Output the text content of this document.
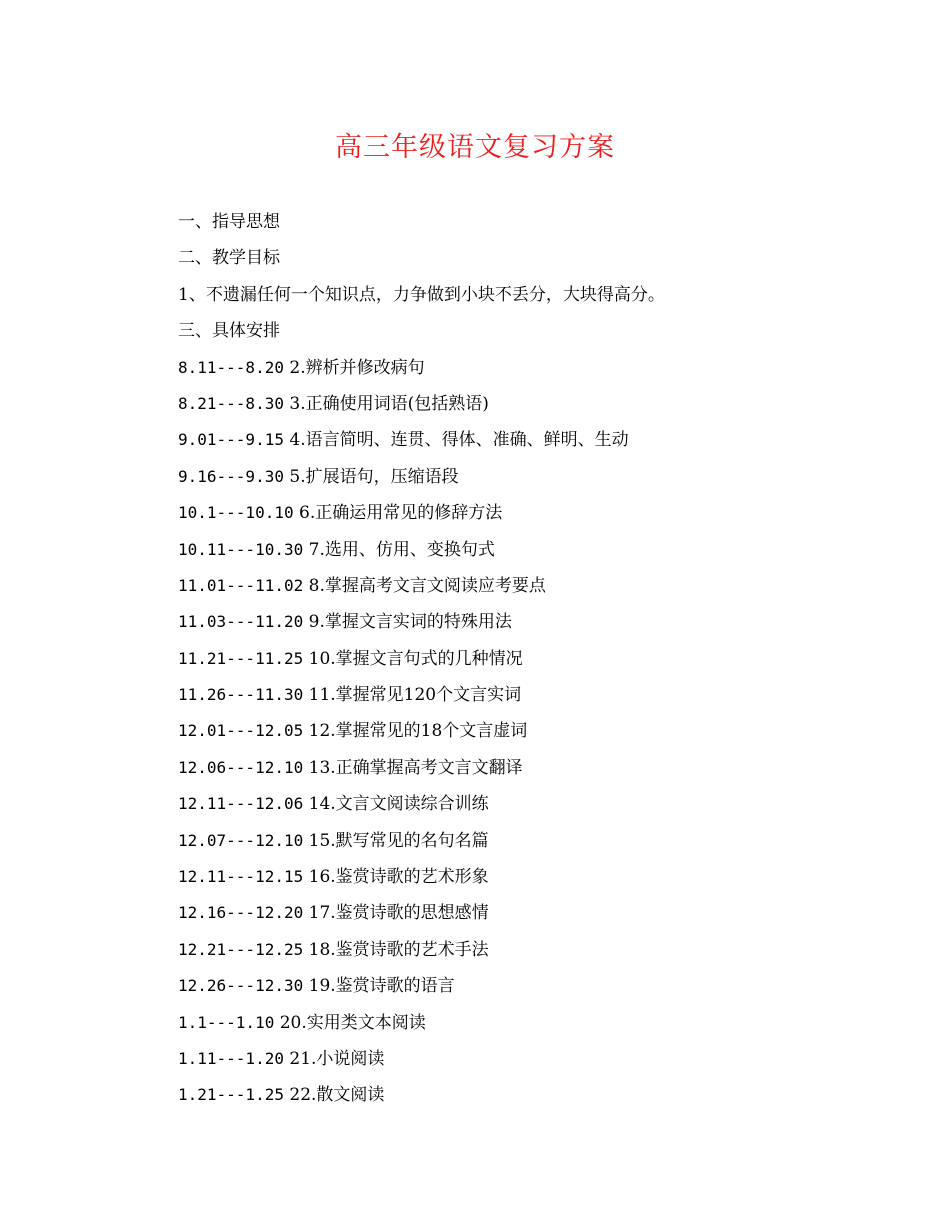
高三年级语文复习方案
一、指导思想
二、教学目标
1、不遗漏任何一个知识点，力争做到小块不丢分，大块得高分。
三、具体安排
8.11---8.20 2.辨析并修改病句
8.21---8.30 3.正确使用词语(包括熟语)
9.01---9.15 4.语言简明、连贯、得体、准确、鲜明、生动
9.16---9.30 5.扩展语句，压缩语段
10.1---10.10 6.正确运用常见的修辞方法
10.11---10.30 7.选用、仿用、变换句式
11.01---11.02 8.掌握高考文言文阅读应考要点
11.03---11.20 9.掌握文言实词的特殊用法
11.21---11.25 10.掌握文言句式的几种情况
11.26---11.30 11.掌握常见120个文言实词
12.01---12.05 12.掌握常见的18个文言虚词
12.06---12.10 13.正确掌握高考文言文翻译
12.11---12.06 14.文言文阅读综合训练
12.07---12.10 15.默写常见的名句名篇
12.11---12.15 16.鉴赏诗歌的艺术形象
12.16---12.20 17.鉴赏诗歌的思想感情
12.21---12.25 18.鉴赏诗歌的艺术手法
12.26---12.30 19.鉴赏诗歌的语言
1.1---1.10 20.实用类文本阅读
1.11---1.20 21.小说阅读
1.21---1.25 22.散文阅读
